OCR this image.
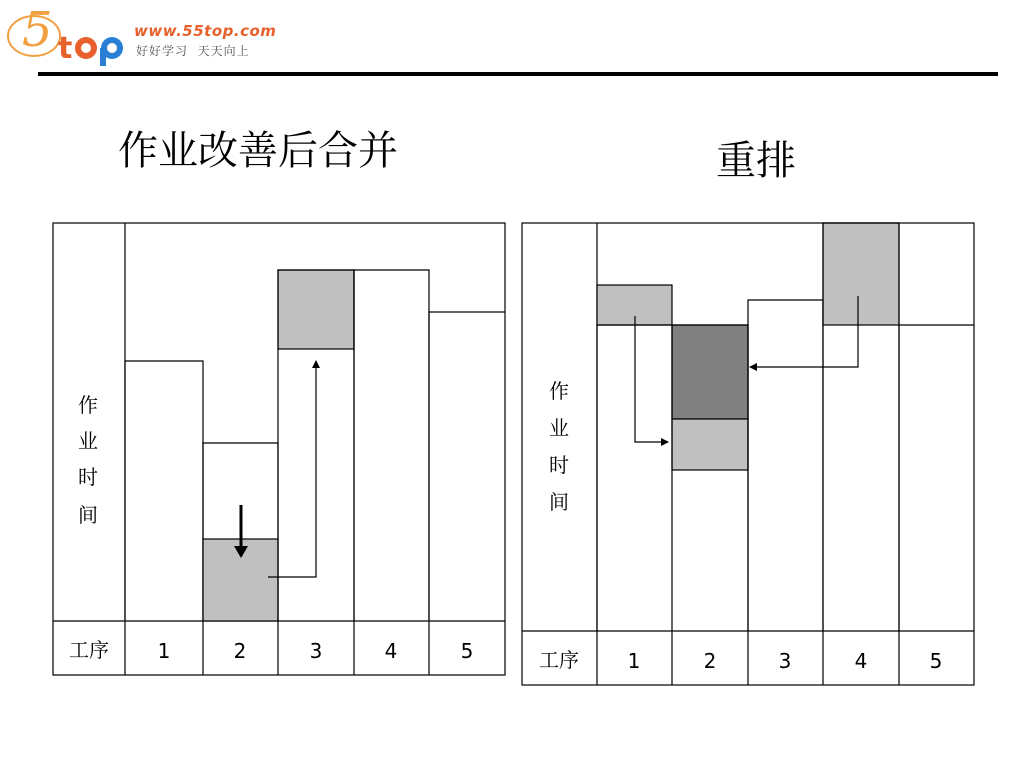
5 t	www.55top.com
好好学习  天天向上
作业改善后合并	重排
作
业
时
间
工序 1	2	3	4	5
作
业
时
间
工序 1	2	3	4	5
